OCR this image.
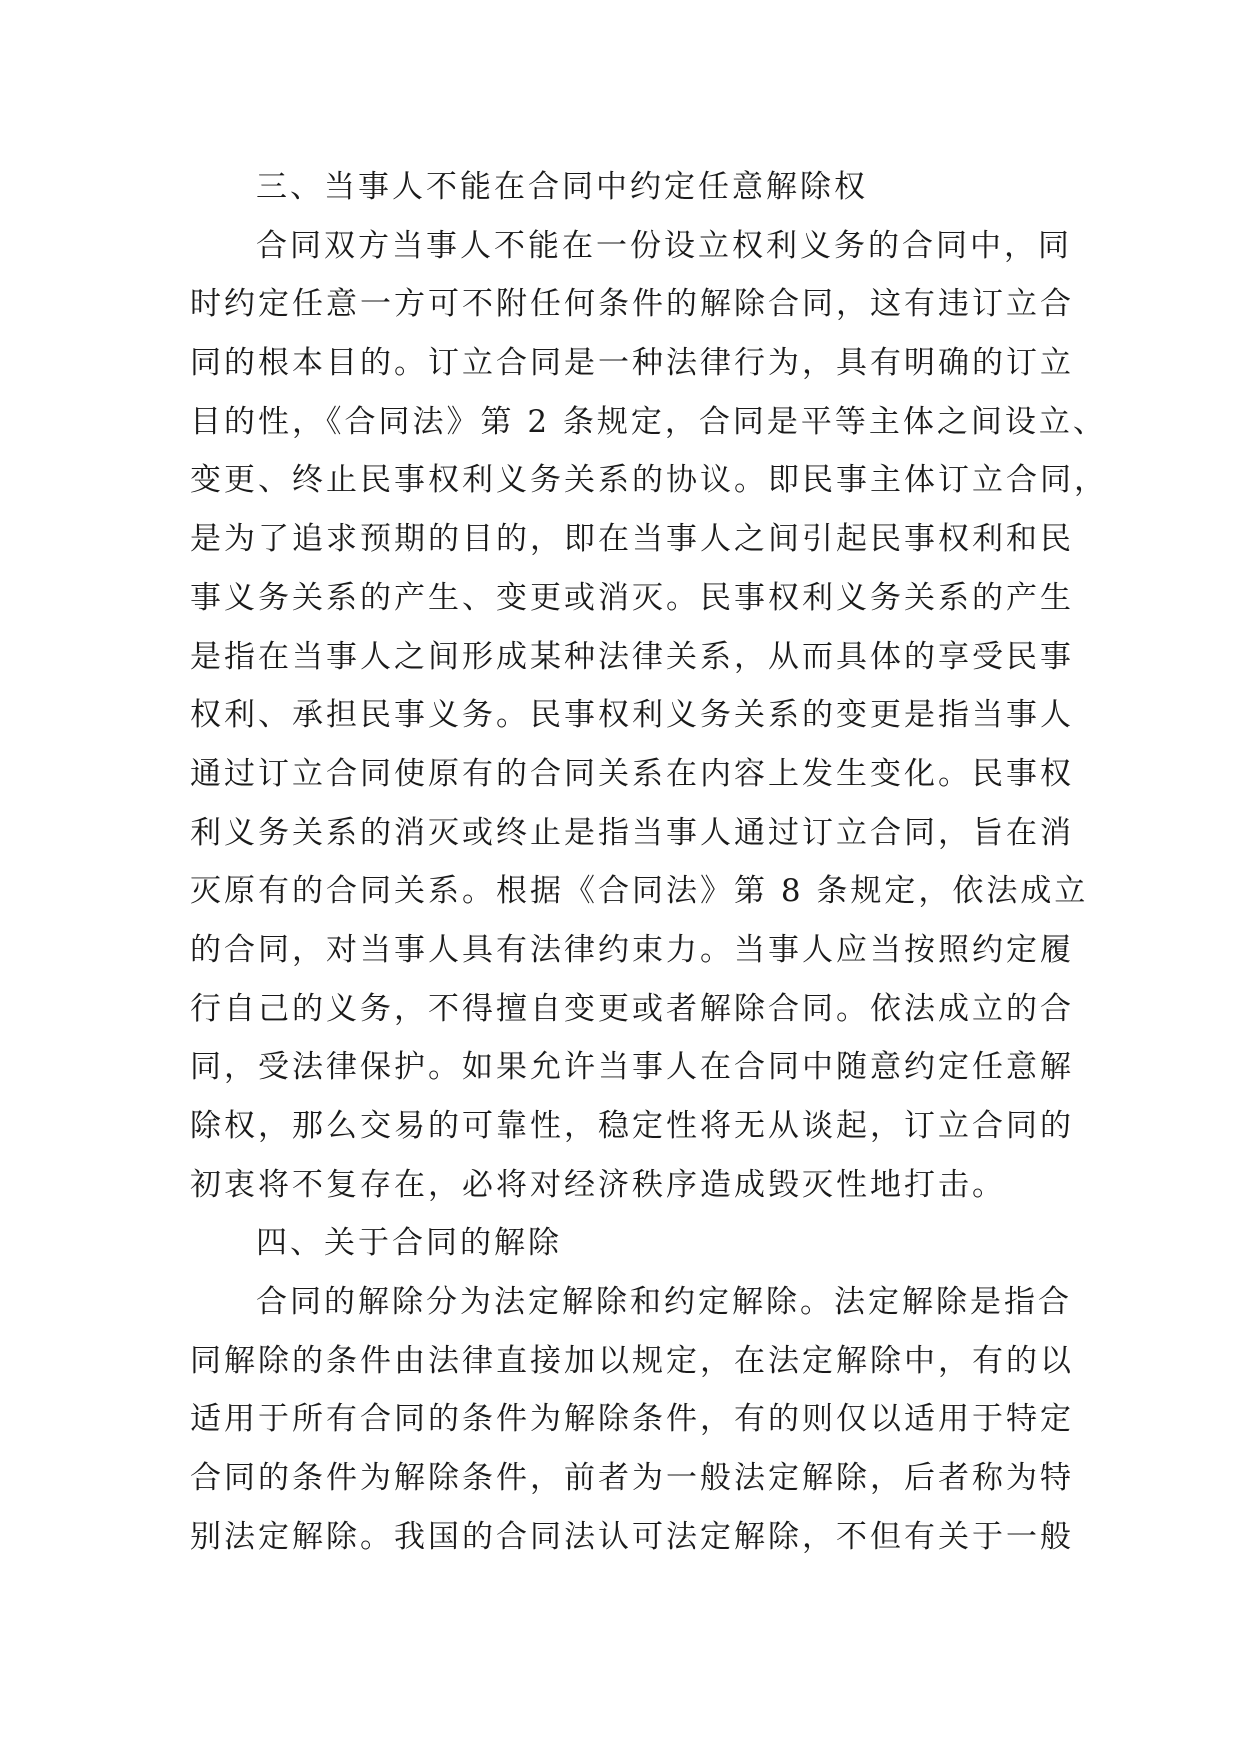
三、当事人不能在合同中约定任意解除权
合同双方当事人不能在一份设立权利义务的合同中，同
时约定任意一方可不附任何条件的解除合同，这有违订立合
同的根本目的。订立合同是一种法律行为，具有明确的订立
目的性，《合同法》第 2 条规定，合同是平等主体之间设立、
变更、终止民事权利义务关系的协议。即民事主体订立合同，
是为了追求预期的目的，即在当事人之间引起民事权利和民
事义务关系的产生、变更或消灭。民事权利义务关系的产生
是指在当事人之间形成某种法律关系，从而具体的享受民事
权利、承担民事义务。民事权利义务关系的变更是指当事人
通过订立合同使原有的合同关系在内容上发生变化。民事权
利义务关系的消灭或终止是指当事人通过订立合同，旨在消
灭原有的合同关系。根据《合同法》第 8 条规定，依法成立
的合同，对当事人具有法律约束力。当事人应当按照约定履
行自己的义务，不得擅自变更或者解除合同。依法成立的合
同，受法律保护。如果允许当事人在合同中随意约定任意解
除权，那么交易的可靠性，稳定性将无从谈起，订立合同的
初衷将不复存在，必将对经济秩序造成毁灭性地打击。
四、关于合同的解除
合同的解除分为法定解除和约定解除。法定解除是指合
同解除的条件由法律直接加以规定，在法定解除中，有的以
适用于所有合同的条件为解除条件，有的则仅以适用于特定
合同的条件为解除条件，前者为一般法定解除，后者称为特
别法定解除。我国的合同法认可法定解除，不但有关于一般
